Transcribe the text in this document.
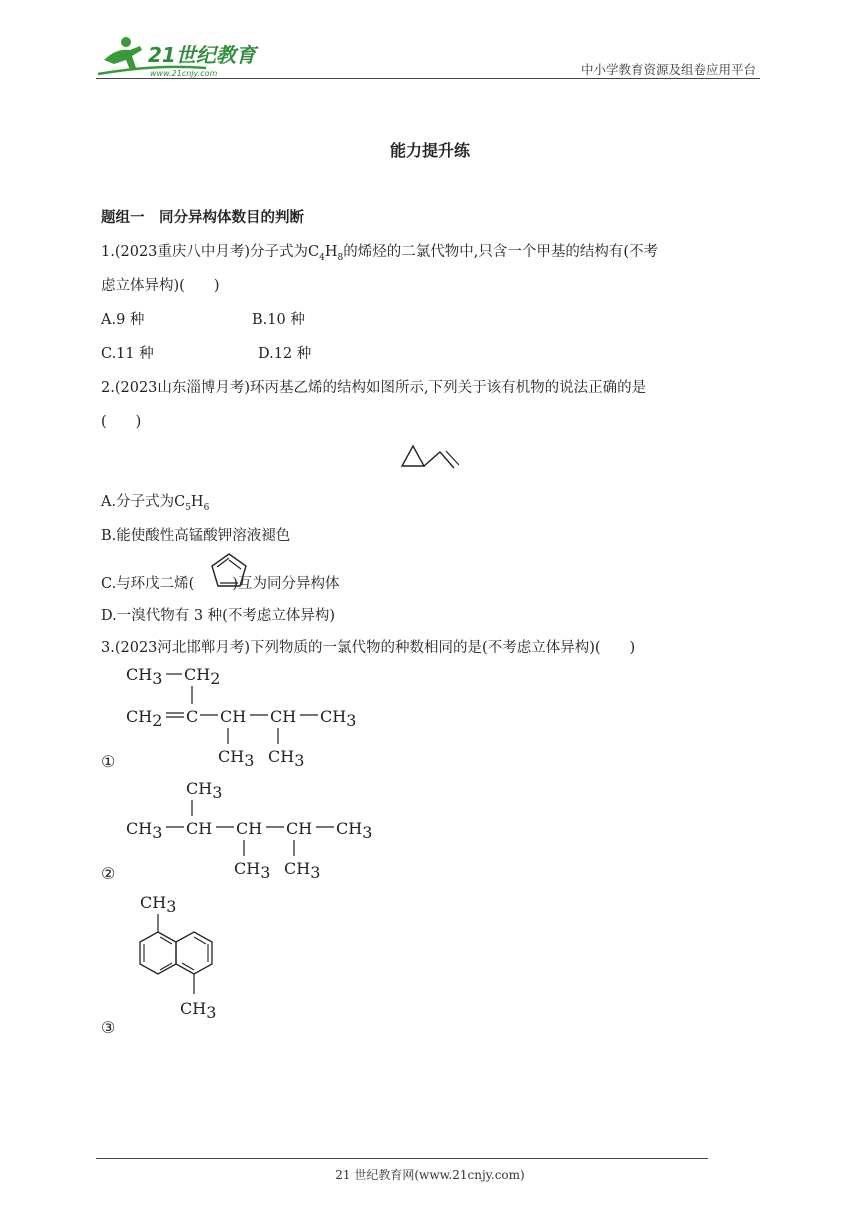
21世纪教育
www.21cnjy.com	中小学教育资源及组卷应用平台
能力提升练
题组一　同分异构体数目的判断
1.(2023重庆八中月考)分子式为$C_4H_8$的烯烃的二氯代物中,只含一个甲基的结构有(不考
虑立体异构)(　　)
A.9 种	B.10 种
C.11 种	D.12 种
2.(2023山东淄博月考)环丙基乙烯的结构如图所示,下列关于该有机物的说法正确的是
(　　)
A.分子式为$C_5H_6$
B.能使酸性高锰酸钾溶液褪色
C.与环戊二烯(	)互为同分异构体
D.一溴代物有 3 种(不考虑立体异构)
3.(2023河北邯郸月考)下列物质的一氯代物的种数相同的是(不考虑立体异构)(　　)
CH3 CH2
CH2 C CH CH CH3
CH3 CH3
①
CH3
CH3 CH CH CH CH3
CH3 CH3
②
CH3
CH3
③
21 世纪教育网(www.21cnjy.com)
